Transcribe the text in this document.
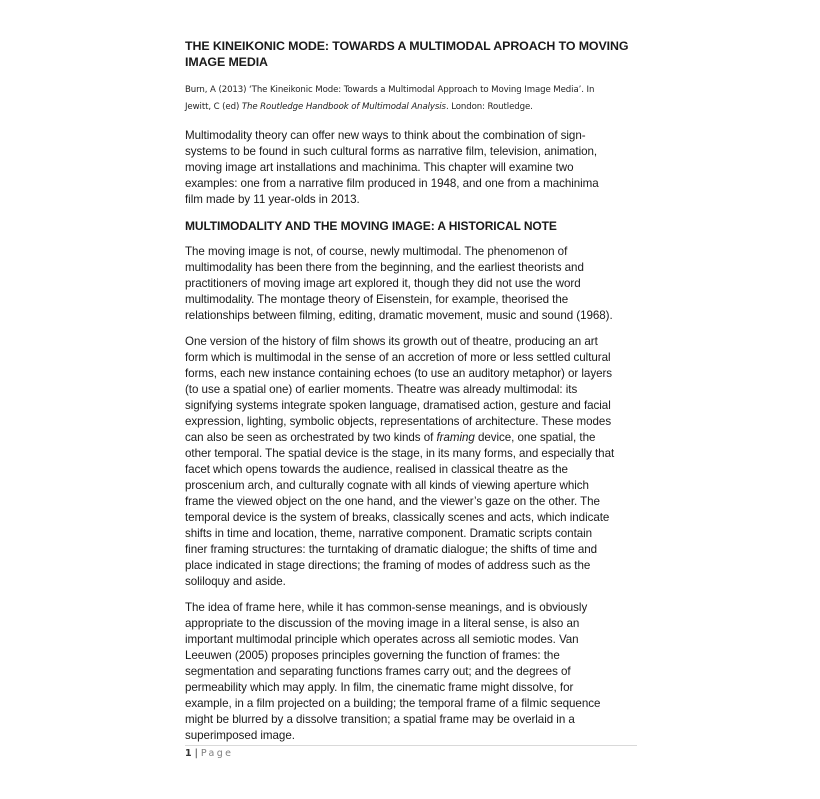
THE KINEIKONIC MODE: TOWARDS A MULTIMODAL APROACH TO MOVING
IMAGE MEDIA
Burn, A (2013) ‘The Kineikonic Mode: Towards a Multimodal Approach to Moving Image Media’. In
Jewitt, C (ed) The Routledge Handbook of Multimodal Analysis. London: Routledge.
Multimodality theory can offer new ways to think about the combination of sign-
systems to be found in such cultural forms as narrative film, television, animation,
moving image art installations and machinima. This chapter will examine two
examples: one from a narrative film produced in 1948, and one from a machinima
film made by 11 year-olds in 2013.
MULTIMODALITY AND THE MOVING IMAGE: A HISTORICAL NOTE
The moving image is not, of course, newly multimodal. The phenomenon of
multimodality has been there from the beginning, and the earliest theorists and
practitioners of moving image art explored it, though they did not use the word
multimodality. The montage theory of Eisenstein, for example, theorised the
relationships between filming, editing, dramatic movement, music and sound (1968).
One version of the history of film shows its growth out of theatre, producing an art
form which is multimodal in the sense of an accretion of more or less settled cultural
forms, each new instance containing echoes (to use an auditory metaphor) or layers
(to use a spatial one) of earlier moments. Theatre was already multimodal: its
signifying systems integrate spoken language, dramatised action, gesture and facial
expression, lighting, symbolic objects, representations of architecture. These modes
can also be seen as orchestrated by two kinds of framing device, one spatial, the
other temporal. The spatial device is the stage, in its many forms, and especially that
facet which opens towards the audience, realised in classical theatre as the
proscenium arch, and culturally cognate with all kinds of viewing aperture which
frame the viewed object on the one hand, and the viewer’s gaze on the other. The
temporal device is the system of breaks, classically scenes and acts, which indicate
shifts in time and location, theme, narrative component. Dramatic scripts contain
finer framing structures: the turntaking of dramatic dialogue; the shifts of time and
place indicated in stage directions; the framing of modes of address such as the
soliloquy and aside.
The idea of frame here, while it has common-sense meanings, and is obviously
appropriate to the discussion of the moving image in a literal sense, is also an
important multimodal principle which operates across all semiotic modes. Van
Leeuwen (2005) proposes principles governing the function of frames: the
segmentation and separating functions frames carry out; and the degrees of
permeability which may apply. In film, the cinematic frame might dissolve, for
example, in a film projected on a building; the temporal frame of a filmic sequence
might be blurred by a dissolve transition; a spatial frame may be overlaid in a
superimposed image.
1 | Page
